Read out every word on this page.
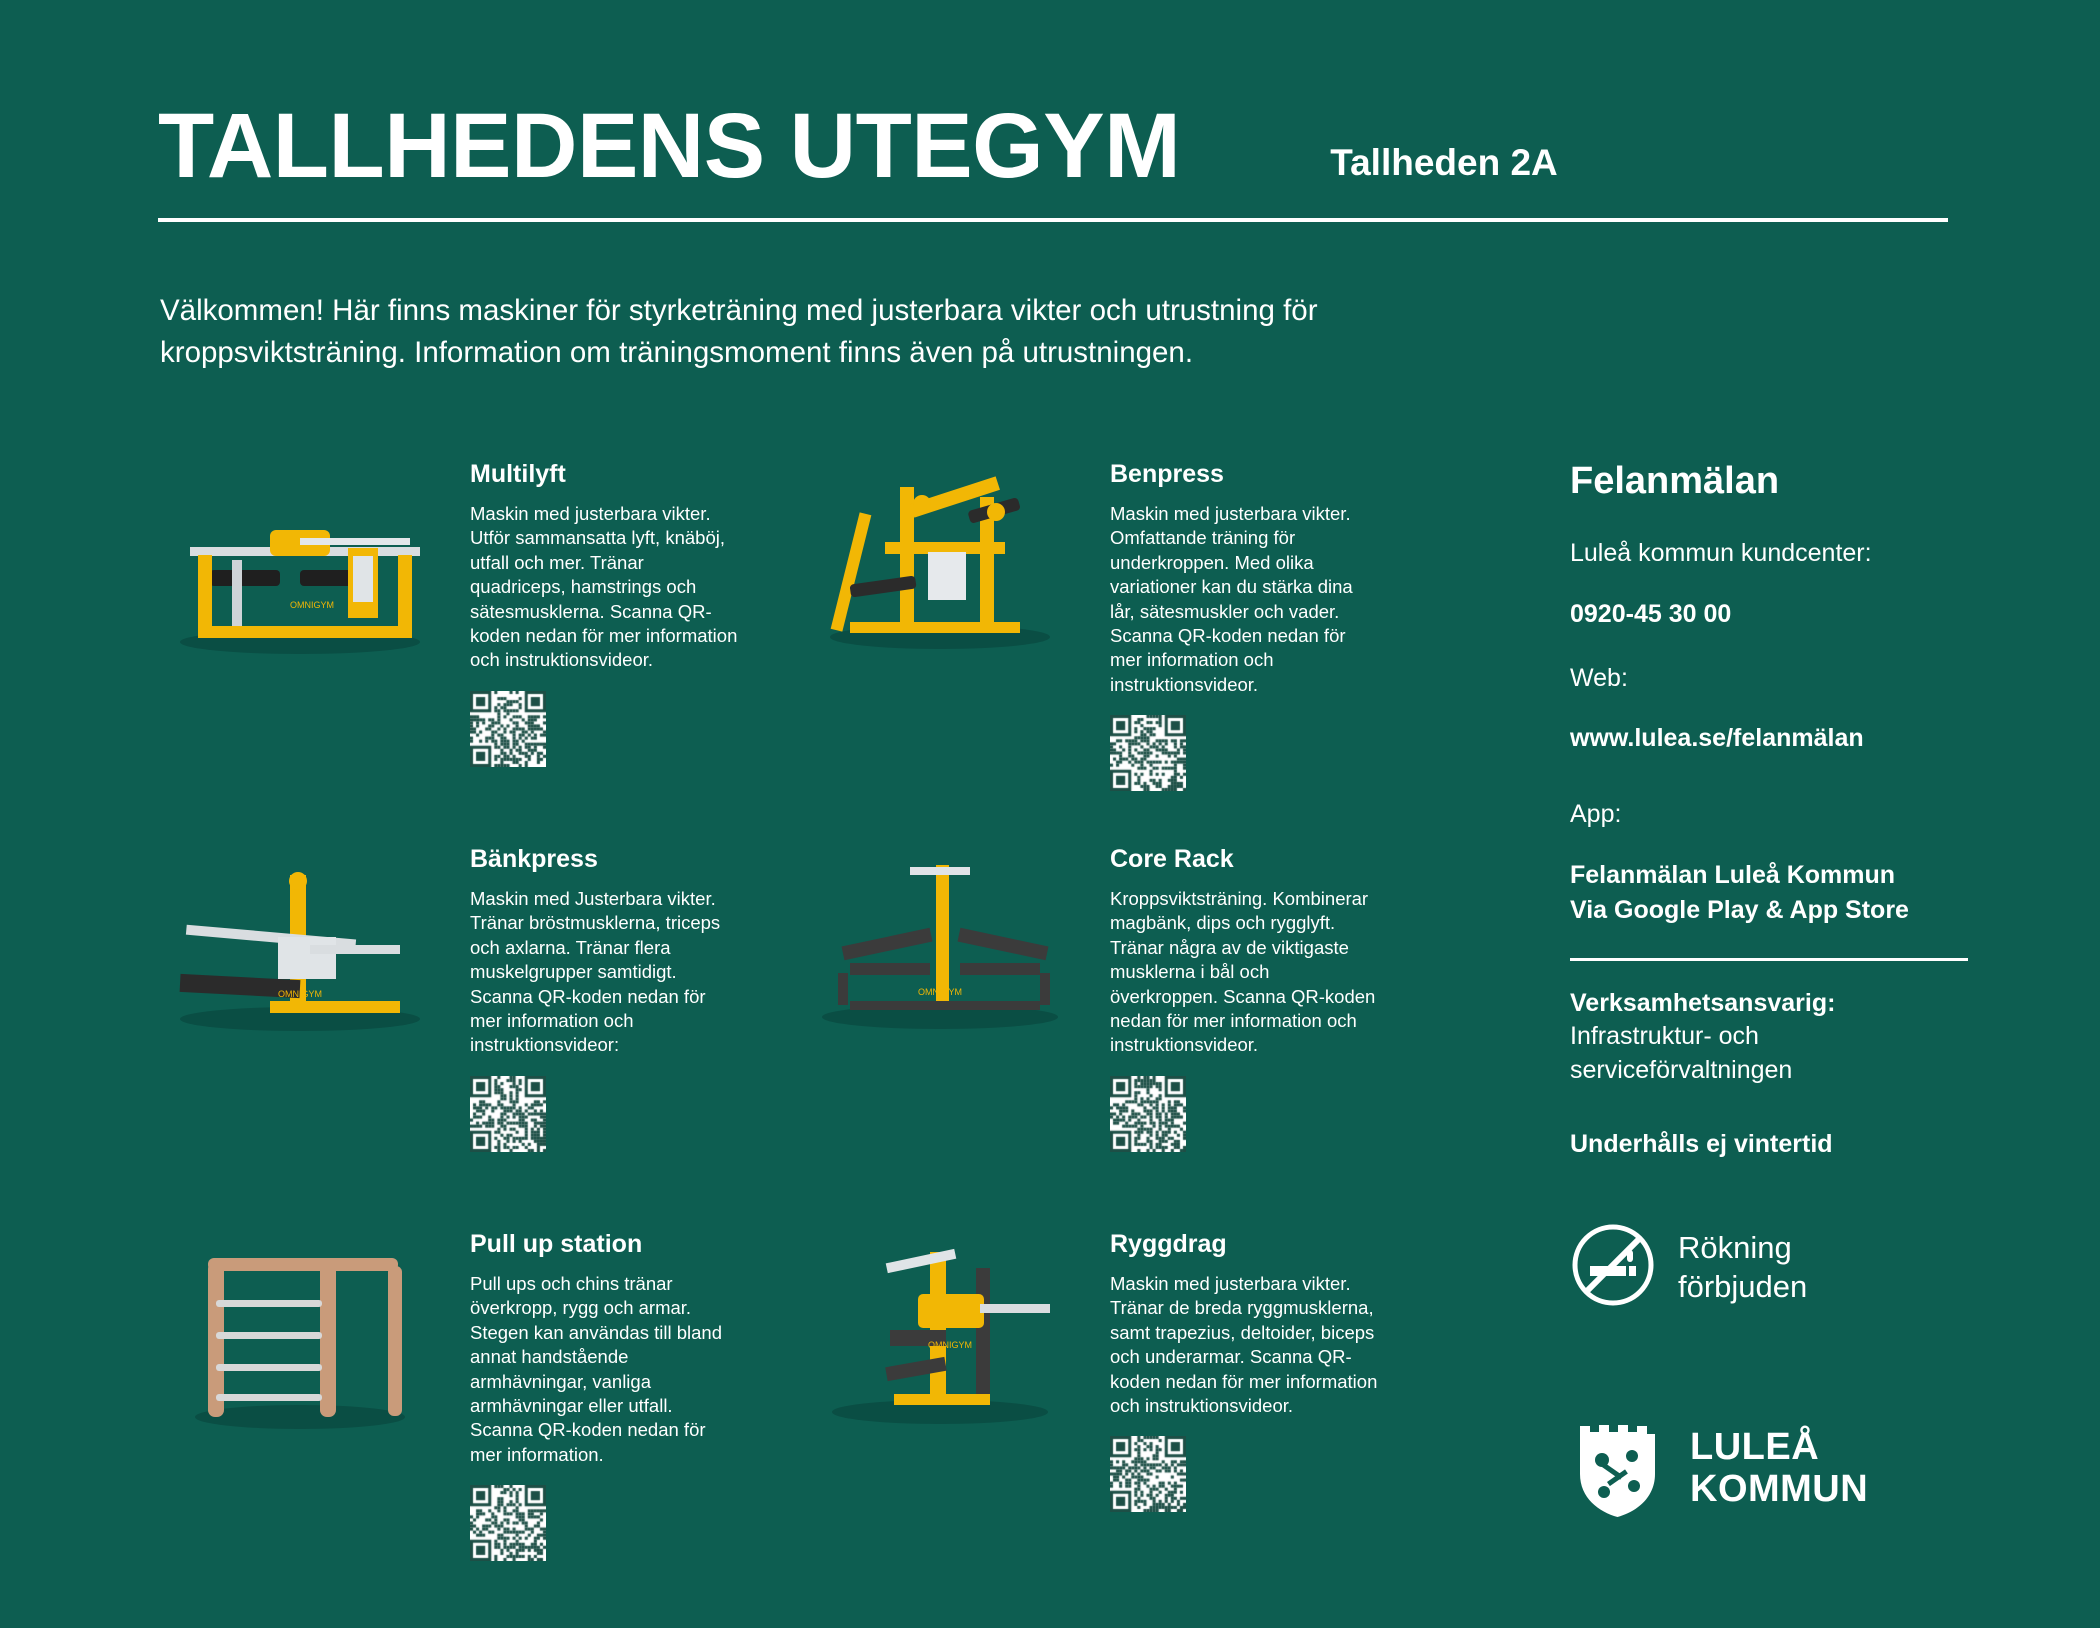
TALLHEDENS UTEGYM	Tallheden 2A
Välkommen! Här finns maskiner för styrketräning med justerbara vikter och utrustning för kroppsviktsträning. Information om träningsmoment finns även på utrustningen.
OMNIGYM
Multilyft
Maskin med justerbara vikter. Utför sammansatta lyft, knäböj, utfall och mer. Tränar quadriceps, hamstrings och sätesmusklerna. Scanna QR-koden nedan för mer information och instruktionsvideor.
Benpress
Maskin med justerbara vikter. Omfattande träning för underkroppen. Med olika variationer kan du stärka dina lår, sätesmuskler och vader. Scanna QR-koden nedan för mer information och instruktionsvideor.
OMNIGYM
Bänkpress
Maskin med Justerbara vikter. Tränar bröstmusklerna, triceps och axlarna. Tränar flera muskelgrupper samtidigt. Scanna QR-koden nedan för mer information och instruktionsvideor:
OMNIGYM
Core Rack
Kroppsviktsträning. Kombinerar magbänk, dips och rygglyft. Tränar några av de viktigaste musklerna i bål och överkroppen. Scanna QR-koden nedan för mer information och instruktionsvideor.
Pull up station
Pull ups och chins tränar överkropp, rygg och armar. Stegen kan användas till bland annat handstående armhävningar, vanliga armhävningar eller utfall. Scanna QR-koden nedan för mer information.
OMNIGYM
Ryggdrag
Maskin med justerbara vikter. Tränar de breda ryggmusklerna, samt trapezius, deltoider, biceps och underarmar. Scanna QR-koden nedan för mer information och instruktionsvideor.
Felanmälan
Luleå kommun kundcenter:
0920-45 30 00
Web:
www.lulea.se/felanmälan
App:
Felanmälan Luleå Kommun
Via Google Play & App Store
Verksamhetsansvarig:
Infrastruktur- och
serviceförvaltningen
Underhålls ej vintertid
Rökning
förbjuden
LULEÅ
KOMMUN
